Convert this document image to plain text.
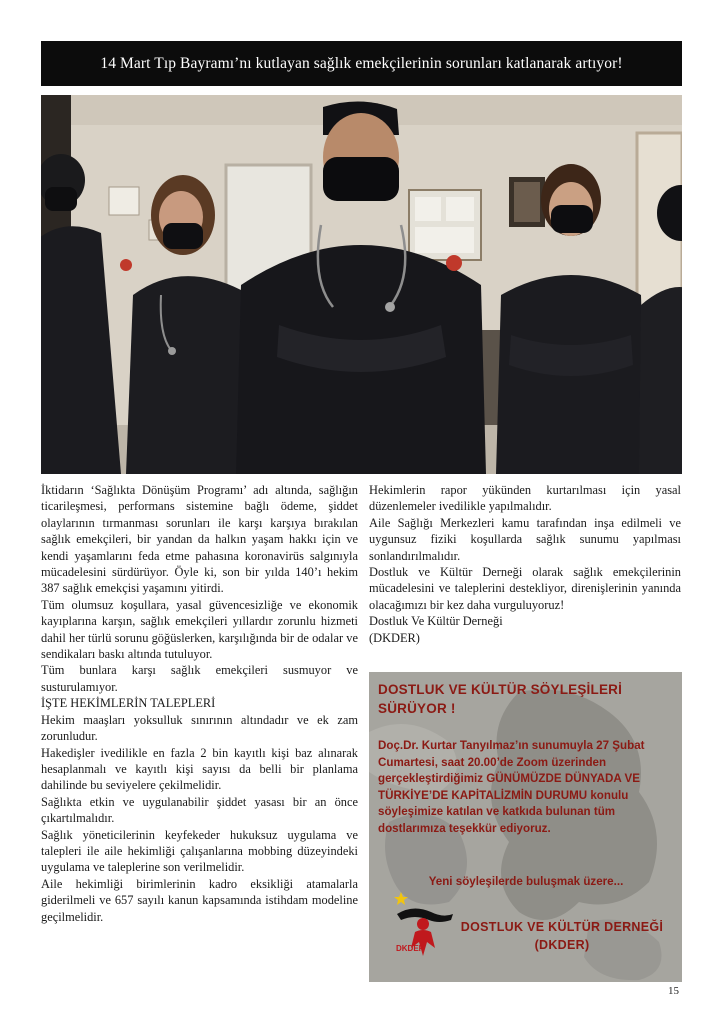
14 Mart Tıp Bayramı’nı kutlayan sağlık emekçilerinin sorunları katlanarak artıyor!

İktidarın ‘Sağlıkta Dönüşüm Programı’ adı altında, sağlığın ticarileşmesi, performans sistemine bağlı ödeme, şiddet olaylarının tırmanması sorunları ile karşı karşıya bırakılan sağlık emekçileri, bir yandan da halkın yaşam hakkı için ve kendi yaşamlarını feda etme pahasına koronavirüs salgınıyla mücadelesini sürdürüyor. Öyle ki, son bir yılda 140’ı hekim 387 sağlık emekçisi yaşamını yitirdi.

Tüm olumsuz koşullara, yasal güvencesizliğe ve ekonomik kayıplarına karşın, sağlık emekçileri yıllardır zorunlu hizmeti dahil her türlü sorunu göğüslerken, karşılığında bir de odalar ve sendikaları baskı altında tutuluyor.

Tüm bunlara karşı sağlık emekçileri susmuyor ve susturulamıyor.

İŞTE HEKİMLERİN TALEPLERİ

Hekim maaşları yoksulluk sınırının altındadır ve ek zam zorunludur.

Hakedişler ivedilikle en fazla 2 bin kayıtlı kişi baz alınarak hesaplanmalı ve kayıtlı kişi sayısı da belli bir planlama dahilinde bu seviyelere çekilmelidir.

Sağlıkta etkin ve uygulanabilir şiddet yasası bir an önce çıkartılmalıdır.

Sağlık yöneticilerinin keyfekeder hukuksuz uygulama ve talepleri ile aile hekimliği çalışanlarına mobbing düzeyindeki uygulama ve taleplerine son verilmelidir.

Aile hekimliği birimlerinin kadro eksikliği atamalarla giderilmeli ve 657 sayılı kanun kapsamında istihdam modeline geçilmelidir.

Hekimlerin rapor yükünden kurtarılması için yasal düzenlemeler ivedilikle yapılmalıdır.

Aile Sağlığı Merkezleri kamu tarafından inşa edilmeli ve uygunsuz fiziki koşullarda sağlık sunumu yapılması sonlandırılmalıdır.

Dostluk ve Kültür Derneği olarak sağlık emekçilerinin mücadelesini ve taleplerini destekliyor, direnişlerinin yanında olacağımızı bir kez daha vurguluyoruz!

Dostluk Ve Kültür Derneği

(DKDER)

DOSTLUK VE KÜLTÜR SÖYLEŞİLERİ SÜRÜYOR !
Doç.Dr. Kurtar Tanyılmaz’ın sunumuyla 27 Şubat Cumartesi, saat 20.00’de Zoom üzerinden gerçekleştirdiğimiz GÜNÜMÜZDE DÜNYADA VE TÜRKİYE’DE KAPİTALİZMİN DURUMU konulu söyleşimize katılan ve katkıda bulunan tüm dostlarımıza teşekkür ediyoruz.
Yeni söyleşilerde buluşmak üzere...
DKDER
DOSTLUK VE KÜLTÜR DERNEĞİ
(DKDER)
15
